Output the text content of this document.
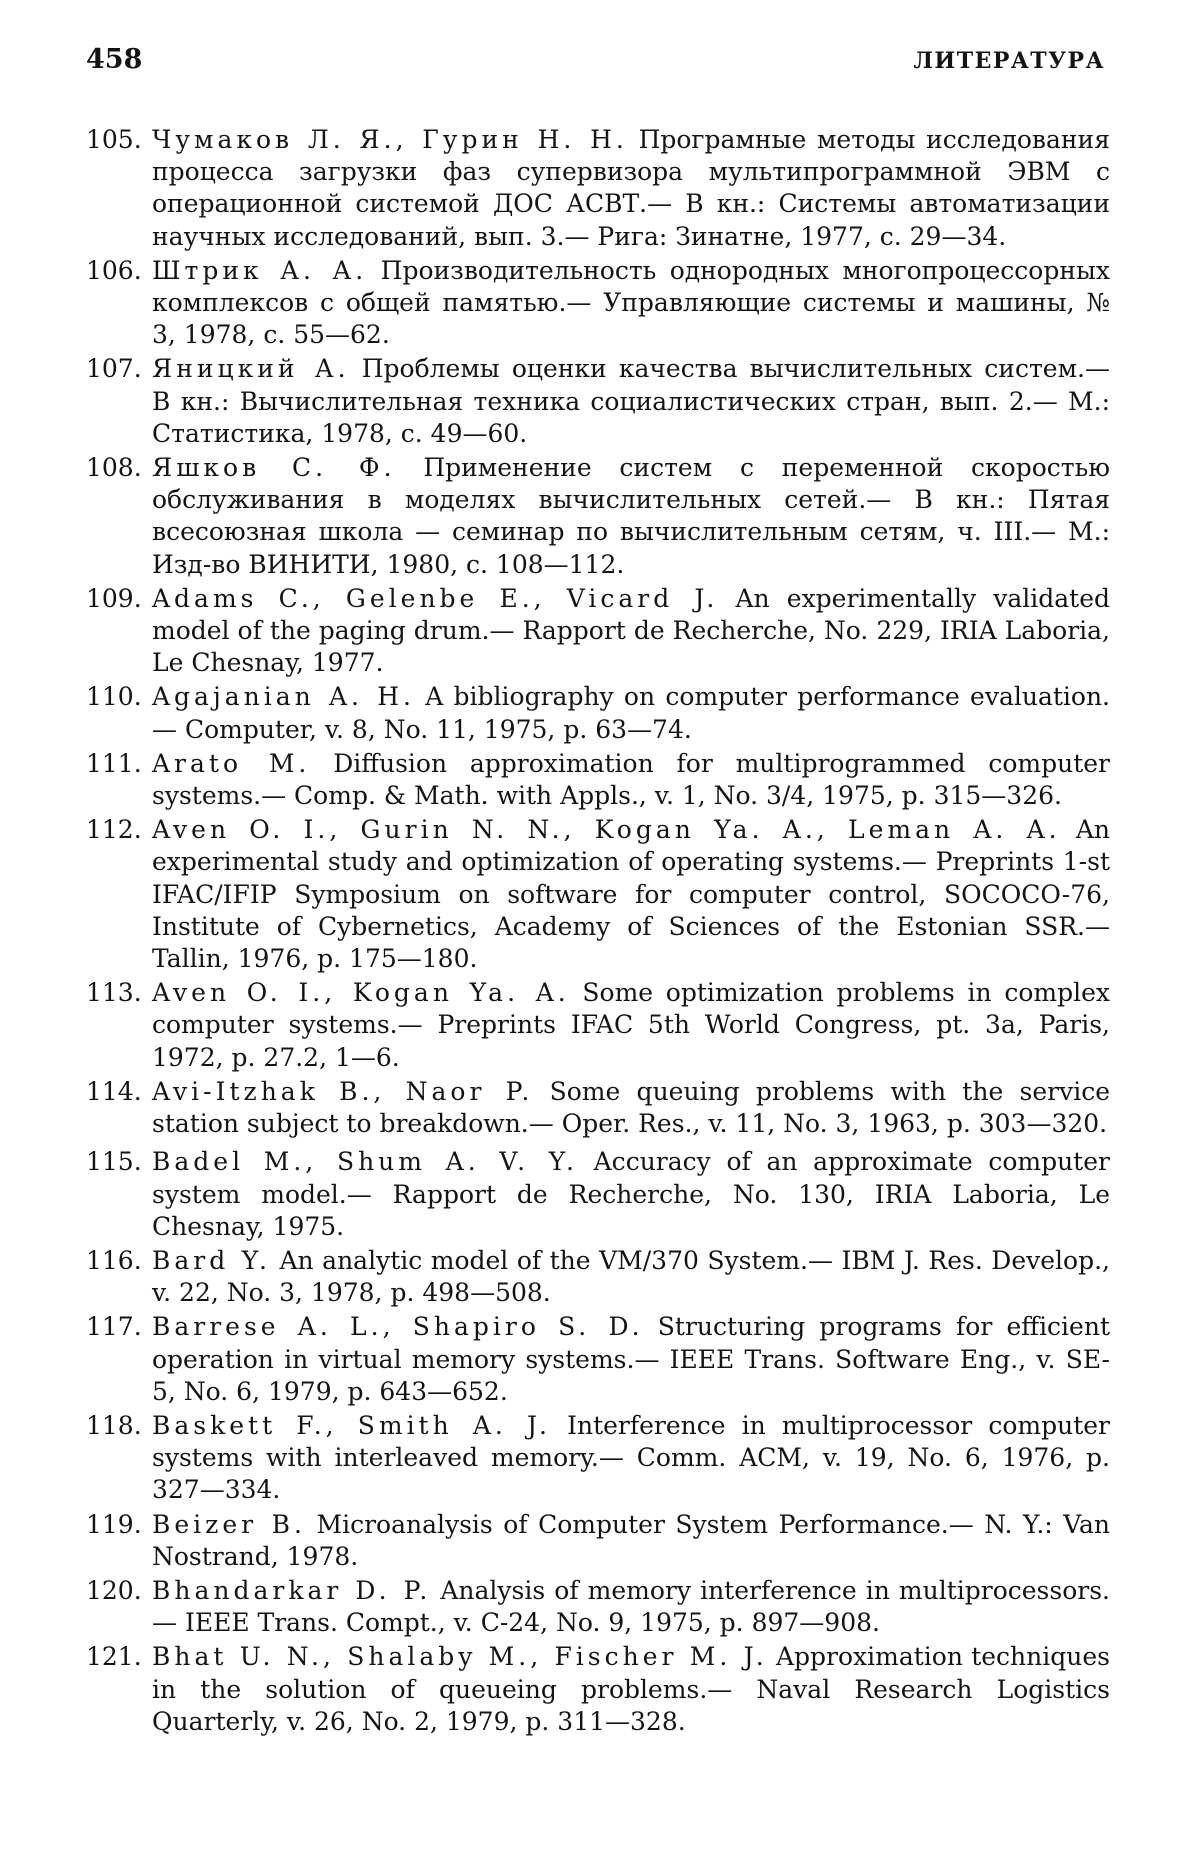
458	ЛИТЕРАТУРА
105. Чумаков Л. Я., Гурин Н. Н. Програмные методы исследования процесса загрузки фаз супервизора мультипрограммной ЭВМ с операционной системой ДОС АСВТ.— В кн.: Системы автоматизации научных исследований, вып. 3.— Рига: Зинатне, 1977, с. 29—34.
106. Штрик А. А. Производительность однородных многопроцессорных комплексов с общей памятью.— Управляющие системы и машины, № 3, 1978, с. 55—62.
107. Яницкий А. Проблемы оценки качества вычислительных систем.— В кн.: Вычислительная техника социалистических стран, вып. 2.— М.: Статистика, 1978, с. 49—60.
108. Яшков С. Ф. Применение систем с переменной скоростью обслуживания в моделях вычислительных сетей.— В кн.: Пятая всесоюзная школа — семинар по вычислительным сетям, ч. III.— М.: Изд-во ВИНИТИ, 1980, с. 108—112.
109. Adams C., Gelenbe E., Vicard J. An experimentally validated model of the paging drum.— Rapport de Recherche, No. 229, IRIA Laboria, Le Chesnay, 1977.
110. Agajanian A. H. A bibliography on computer performance evaluation.— Computer, v. 8, No. 11, 1975, p. 63—74.
111. Arato M. Diffusion approximation for multiprogrammed computer systems.— Comp. & Math. with Appls., v. 1, No. 3/4, 1975, p. 315—326.
112. Aven O. I., Gurin N. N., Kogan Ya. A., Leman A. A. An experimental study and optimization of operating systems.— Preprints 1-st IFAC/IFIP Symposium on software for computer control, SOCOCO-76, Institute of Cybernetics, Academy of Sciences of the Estonian SSR.— Tallin, 1976, p. 175—180.
113. Aven O. I., Kogan Ya. A. Some optimization problems in complex computer systems.— Preprints IFAC 5th World Congress, pt. 3a, Paris, 1972, p. 27.2, 1—6.
114. Avi-Itzhak B., Naor P. Some queuing problems with the service station subject to breakdown.— Oper. Res., v. 11, No. 3, 1963, p. 303—320.
115. Badel M., Shum A. V. Y. Accuracy of an approximate computer system model.— Rapport de Recherche, No. 130, IRIA Laboria, Le Chesnay, 1975.
116. Bard Y. An analytic model of the VM/370 System.— IBM J. Res. Develop., v. 22, No. 3, 1978, p. 498—508.
117. Barrese A. L., Shapiro S. D. Structuring programs for efficient operation in virtual memory systems.— IEEE Trans. Software Eng., v. SE-5, No. 6, 1979, p. 643—652.
118. Baskett F., Smith A. J. Interference in multiprocessor computer systems with interleaved memory.— Comm. ACM, v. 19, No. 6, 1976, p. 327—334.
119. Beizer B. Microanalysis of Computer System Performance.— N. Y.: Van Nostrand, 1978.
120. Bhandarkar D. P. Analysis of memory interference in multiprocessors.— IEEE Trans. Compt., v. C-24, No. 9, 1975, p. 897—908.
121. Bhat U. N., Shalaby M., Fischer M. J. Approximation techniques in the solution of queueing problems.— Naval Research Logistics Quarterly, v. 26, No. 2, 1979, p. 311—328.
